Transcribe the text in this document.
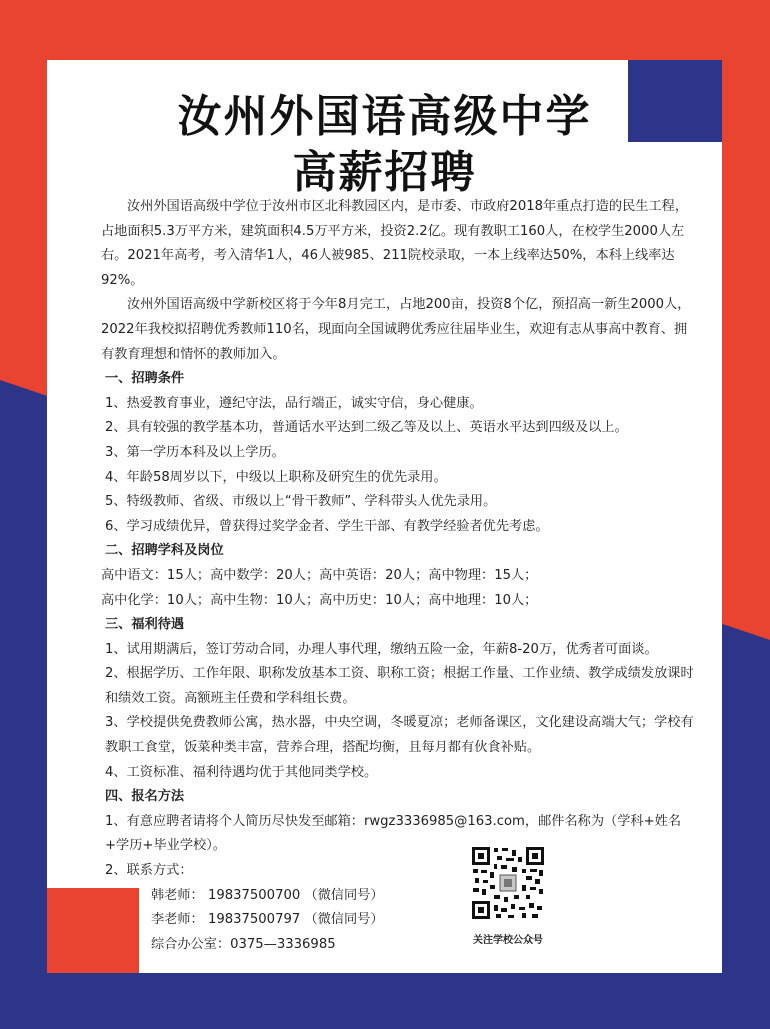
汝州外国语高级中学
高薪招聘

汝州外国语高级中学位于汝州市区北科教园区内，是市委、市政府2018年重点打造的民生工程，占地面积5.3万平方米，建筑面积4.5万平方米，投资2.2亿。现有教职工160人，在校学生2000人左右。2021年高考，考入清华1人，46人被985、211院校录取，一本上线率达50%，本科上线率达92%。

汝州外国语高级中学新校区将于今年8月完工，占地200亩，投资8个亿，预招高一新生2000人，2022年我校拟招聘优秀教师110名，现面向全国诚聘优秀应往届毕业生，欢迎有志从事高中教育、拥有教育理想和情怀的教师加入。

一、招聘条件

1、热爱教育事业，遵纪守法，品行端正，诚实守信，身心健康。

2、具有较强的教学基本功，普通话水平达到二级乙等及以上、英语水平达到四级及以上。

3、第一学历本科及以上学历。

4、年龄58周岁以下，中级以上职称及研究生的优先录用。

5、特级教师、省级、市级以上“骨干教师”、学科带头人优先录用。

6、学习成绩优异，曾获得过奖学金者、学生干部、有教学经验者优先考虑。

二、招聘学科及岗位

高中语文：15人；高中数学：20人；高中英语：20人；高中物理：15人；

高中化学：10人；高中生物：10人；高中历史：10人；高中地理：10人；

三、福利待遇

1、试用期满后，签订劳动合同，办理人事代理，缴纳五险一金，年薪8-20万，优秀者可面谈。

2、根据学历、工作年限、职称发放基本工资、职称工资；根据工作量、工作业绩、教学成绩发放课时和绩效工资。高额班主任费和学科组长费。

3、学校提供免费教师公寓，热水器，中央空调，冬暖夏凉；老师备课区，文化建设高端大气；学校有教职工食堂，饭菜种类丰富，营养合理，搭配均衡，且每月都有伙食补贴。

4、工资标准、福利待遇均优于其他同类学校。

四、报名方法

1、有意应聘者请将个人简历尽快发至邮箱：rwgz3336985@163.com，邮件名称为（学科+姓名+学历+毕业学校）。

2、联系方式：

韩老师： 19837500700 （微信同号）

李老师： 19837500797 （微信同号）

综合办公室：0375—3336985	关注学校公众号
